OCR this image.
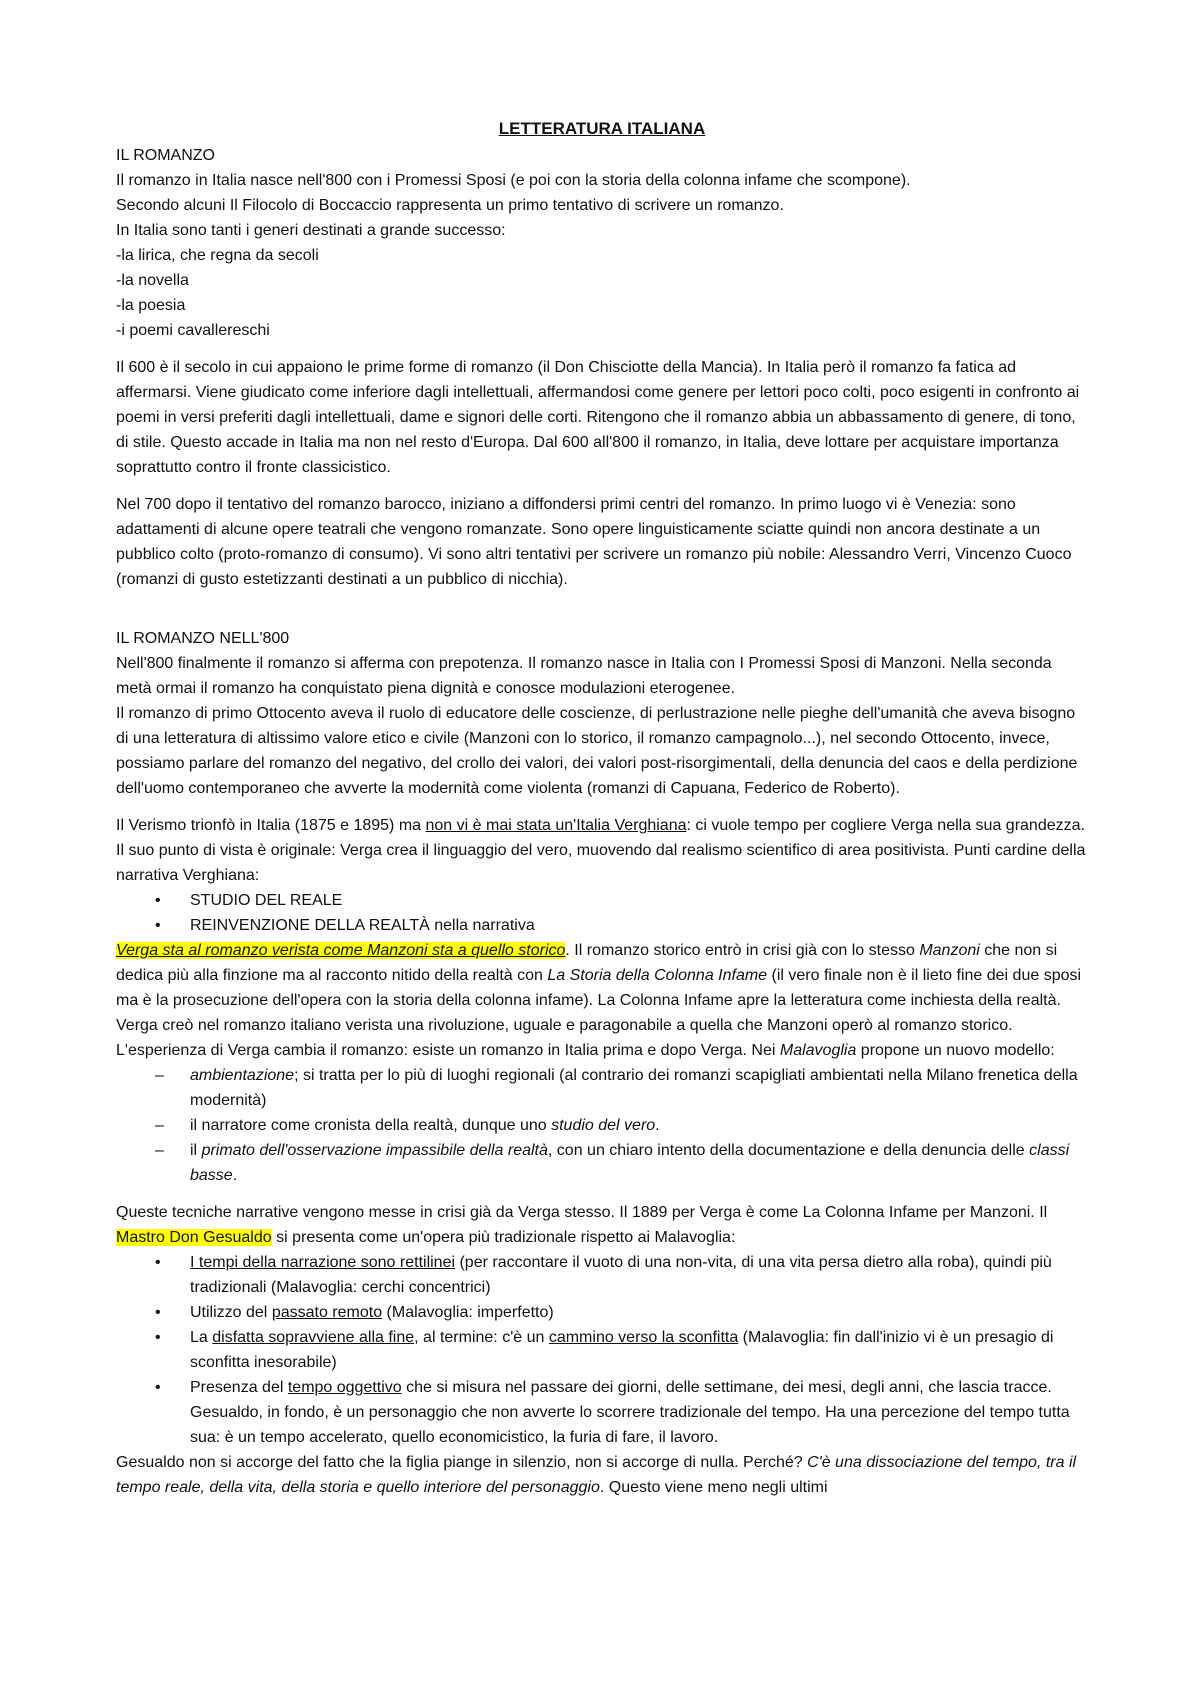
LETTERATURA ITALIANA

IL ROMANZO

Il romanzo in Italia nasce nell'800 con i Promessi Sposi (e poi con la storia della colonna infame che scompone).

Secondo alcuni Il Filocolo di Boccaccio rappresenta un primo tentativo di scrivere un romanzo.

In Italia sono tanti i generi destinati a grande successo:

-la lirica, che regna da secoli

-la novella

-la poesia

-i poemi cavallereschi

Il 600 è il secolo in cui appaiono le prime forme di romanzo (il Don Chisciotte della Mancia). In Italia però il romanzo fa fatica ad affermarsi. Viene giudicato come inferiore dagli intellettuali, affermandosi come genere per lettori poco colti, poco esigenti in confronto ai poemi in versi preferiti dagli intellettuali, dame e signori delle corti. Ritengono che il romanzo abbia un abbassamento di genere, di tono, di stile. Questo accade in Italia ma non nel resto d'Europa. Dal 600 all'800 il romanzo, in Italia, deve lottare per acquistare importanza soprattutto contro il fronte classicistico.

Nel 700 dopo il tentativo del romanzo barocco, iniziano a diffondersi primi centri del romanzo. In primo luogo vi è Venezia: sono adattamenti di alcune opere teatrali che vengono romanzate. Sono opere linguisticamente sciatte quindi non ancora destinate a un pubblico colto (proto-romanzo di consumo). Vi sono altri tentativi per scrivere un romanzo più nobile: Alessandro Verri, Vincenzo Cuoco (romanzi di gusto estetizzanti destinati a un pubblico di nicchia).

IL ROMANZO NELL'800

Nell'800 finalmente il romanzo si afferma con prepotenza. Il romanzo nasce in Italia con I Promessi Sposi di Manzoni. Nella seconda metà ormai il romanzo ha conquistato piena dignità e conosce modulazioni eterogenee.

Il romanzo di primo Ottocento aveva il ruolo di educatore delle coscienze, di perlustrazione nelle pieghe dell'umanità che aveva bisogno di una letteratura di altissimo valore etico e civile (Manzoni con lo storico, il romanzo campagnolo...), nel secondo Ottocento, invece, possiamo parlare del romanzo del negativo, del crollo dei valori, dei valori post-risorgimentali, della denuncia del caos e della perdizione dell'uomo contemporaneo che avverte la modernità come violenta (romanzi di Capuana, Federico de Roberto).

Il Verismo trionfò in Italia (1875 e 1895) ma non vi è mai stata un'Italia Verghiana: ci vuole tempo per cogliere Verga nella sua grandezza. Il suo punto di vista è originale: Verga crea il linguaggio del vero, muovendo dal realismo scientifico di area positivista. Punti cardine della narrativa Verghiana:

• STUDIO DEL REALE
• REINVENZIONE DELLA REALTÀ nella narrativa

Verga sta al romanzo verista come Manzoni sta a quello storico. Il romanzo storico entrò in crisi già con lo stesso Manzoni che non si dedica più alla finzione ma al racconto nitido della realtà con La Storia della Colonna Infame (il vero finale non è il lieto fine dei due sposi ma è la prosecuzione dell'opera con la storia della colonna infame). La Colonna Infame apre la letteratura come inchiesta della realtà.

Verga creò nel romanzo italiano verista una rivoluzione, uguale e paragonabile a quella che Manzoni operò al romanzo storico. L'esperienza di Verga cambia il romanzo: esiste un romanzo in Italia prima e dopo Verga. Nei Malavoglia propone un nuovo modello:

– ambientazione; si tratta per lo più di luoghi regionali (al contrario dei romanzi scapigliati ambientati nella Milano frenetica della modernità)
– il narratore come cronista della realtà, dunque uno studio del vero.
– il primato dell'osservazione impassibile della realtà, con un chiaro intento della documentazione e della denuncia delle classi basse.

Queste tecniche narrative vengono messe in crisi già da Verga stesso. Il 1889 per Verga è come La Colonna Infame per Manzoni. Il Mastro Don Gesualdo si presenta come un'opera più tradizionale rispetto ai Malavoglia:

• I tempi della narrazione sono rettilinei (per raccontare il vuoto di una non-vita, di una vita persa dietro alla roba), quindi più tradizionali (Malavoglia: cerchi concentrici)
• Utilizzo del passato remoto (Malavoglia: imperfetto)
• La disfatta sopravviene alla fine, al termine: c'è un cammino verso la sconfitta (Malavoglia: fin dall'inizio vi è un presagio di sconfitta inesorabile)
• Presenza del tempo oggettivo che si misura nel passare dei giorni, delle settimane, dei mesi, degli anni, che lascia tracce. Gesualdo, in fondo, è un personaggio che non avverte lo scorrere tradizionale del tempo. Ha una percezione del tempo tutta sua: è un tempo accelerato, quello economicistico, la furia di fare, il lavoro.

Gesualdo non si accorge del fatto che la figlia piange in silenzio, non si accorge di nulla. Perché? C'è una dissociazione del tempo, tra il tempo reale, della vita, della storia e quello interiore del personaggio. Questo viene meno negli ultimi
